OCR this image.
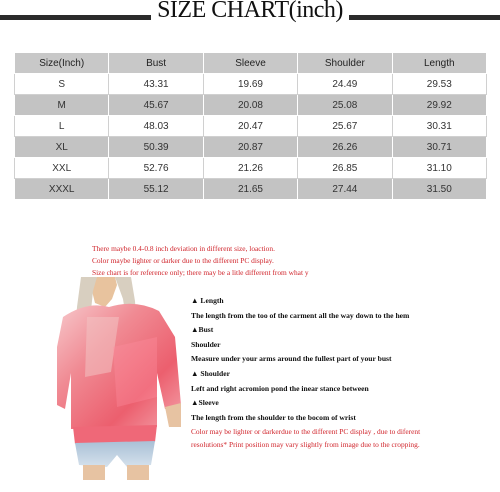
SIZE CHART(inch)
Size(Inch)	Bust	Sleeve	Shoulder	Length
S	43.31	19.69	24.49	29.53
M	45.67	20.08	25.08	29.92
L	48.03	20.47	25.67	30.31
XL	50.39	20.87	26.26	30.71
XXL	52.76	21.26	26.85	31.10
XXXL	55.12	21.65	27.44	31.50
There maybe 0.4-0.8 inch deviation in different size, loaction.
Color maybe lighter or darker due to the different PC display.
Size chart is for reference only; there may be a litle different from what y
▲ Length
The length from the too of the carment all the way down to the hem
▲Bust
Shoulder
Measure under your arms around the fullest part of your bust
▲ Shoulder
Left and right acromion pond the inear stance between
▲Sleeve
The length from the shoulder to the bocom of wrist
Color may be lighter or darkerdue to the different PC display , due to diferent
resolutions* Print position may vary slightly from image due to the cropping.
